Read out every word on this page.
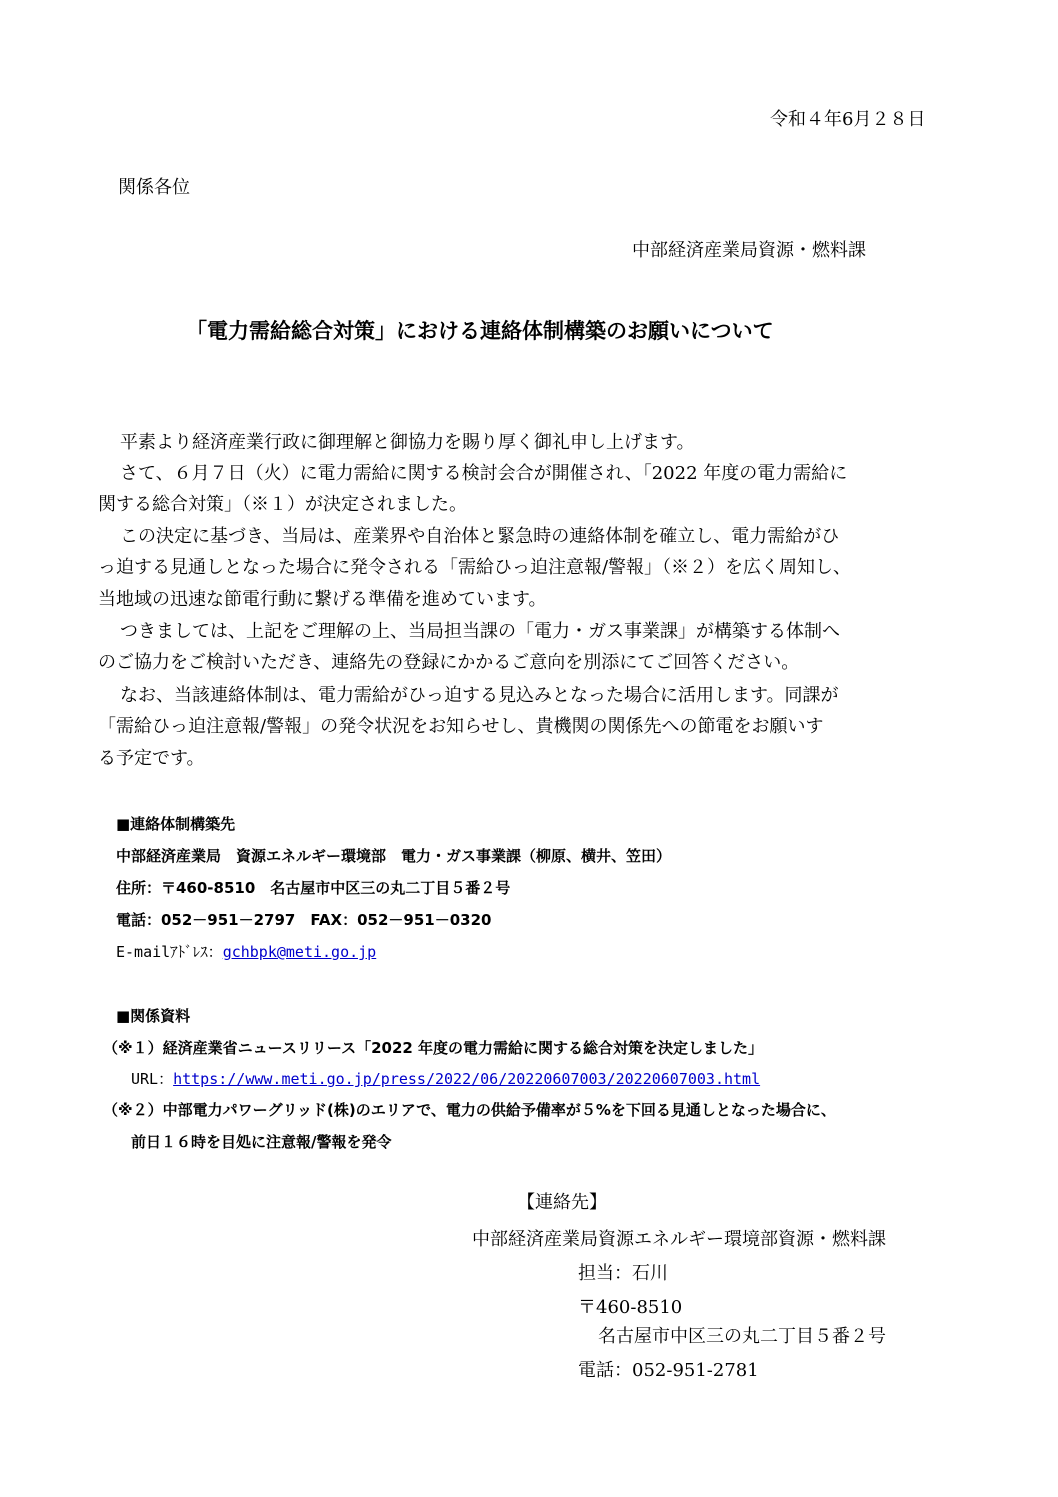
令和４年6月２８日
関係各位
中部経済産業局資源・燃料課
「電力需給総合対策」における連絡体制構築のお願いについて
平素より経済産業行政に御理解と御協力を賜り厚く御礼申し上げます。
さて、６月７日（火）に電力需給に関する検討会合が開催され、「2022 年度の電力需給に
関する総合対策」（※１）が決定されました。
この決定に基づき、当局は、産業界や自治体と緊急時の連絡体制を確立し、電力需給がひ
っ迫する見通しとなった場合に発令される「需給ひっ迫注意報/警報」（※２）を広く周知し、
当地域の迅速な節電行動に繋げる準備を進めています。
つきましては、上記をご理解の上、当局担当課の「電力・ガス事業課」が構築する体制へ
のご協力をご検討いただき、連絡先の登録にかかるご意向を別添にてご回答ください。
なお、当該連絡体制は、電力需給がひっ迫する見込みとなった場合に活用します。同課が
「需給ひっ迫注意報/警報」の発令状況をお知らせし、貴機関の関係先への節電をお願いす
る予定です。
■連絡体制構築先
中部経済産業局　資源エネルギー環境部　電力・ガス事業課（柳原、横井、笠田）
住所：〒460-8510　名古屋市中区三の丸二丁目５番２号
電話：052－951－2797　FAX：052－951－0320
E-mailｱﾄﾞﾚｽ：gchbpk@meti.go.jp
■関係資料
（※１）経済産業省ニュースリリース「2022 年度の電力需給に関する総合対策を決定しました」
URL：https://www.meti.go.jp/press/2022/06/20220607003/20220607003.html
（※２）中部電力パワーグリッド(株)のエリアで、電力の供給予備率が５%を下回る見通しとなった場合に、
前日１６時を目処に注意報/警報を発令
【連絡先】
中部経済産業局資源エネルギー環境部資源・燃料課
担当：石川
〒460-8510
名古屋市中区三の丸二丁目５番２号
電話：052-951-2781
